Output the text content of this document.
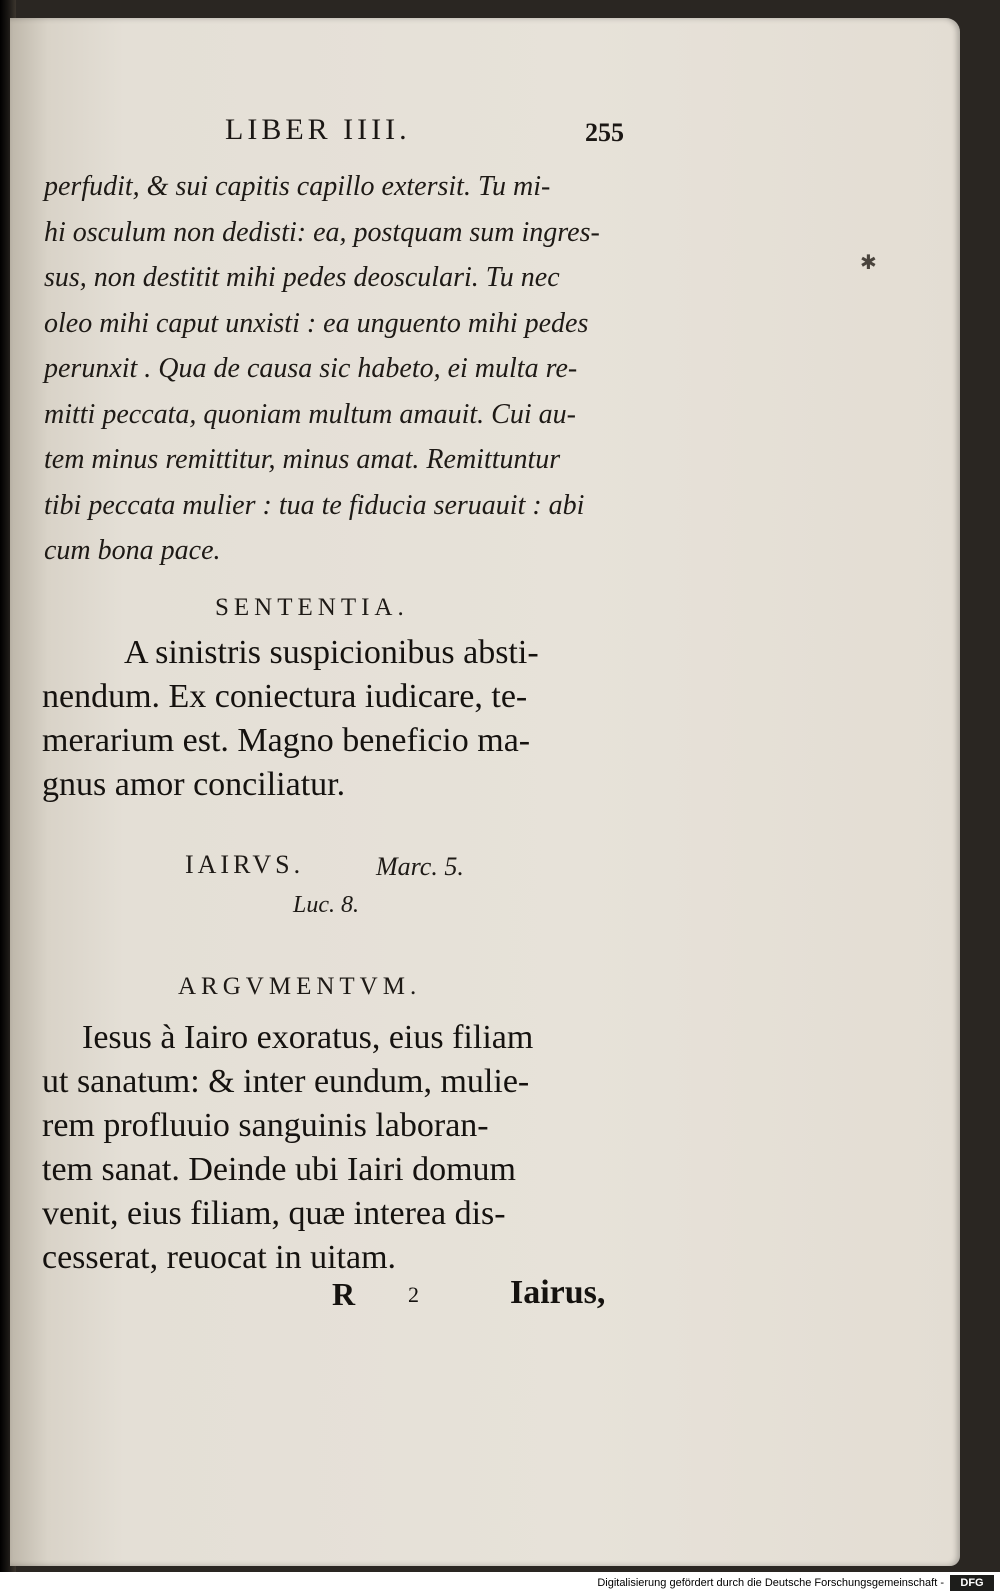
LIBER IIII.	255
perfudit, & sui capitis capillo extersit. Tu mi-
hi osculum non dedisti: ea, postquam sum ingres-
sus, non destitit mihi pedes deosculari. Tu nec
oleo mihi caput unxisti : ea unguento mihi pedes
perunxit . Qua de causa sic habeto, ei multa re-
mitti peccata, quoniam multum amauit. Cui au-
tem minus remittitur, minus amat. Remittuntur
tibi peccata mulier : tua te fiducia seruauit : abi
cum bona pace.
SENTENTIA.
A sinistris suspicionibus absti-
nendum. Ex coniectura iudicare, te-
merarium est. Magno beneficio ma-
gnus amor conciliatur.
IAIRVS.	Marc. 5.
Luc. 8.
ARGVMENTVM.
Iesus à Iairo exoratus, eius filiam
ut sanatum: & inter eundum, mulie-
rem profluuio sanguinis laboran-
tem sanat. Deinde ubi Iairi domum
venit, eius filiam, quæ interea dis-
cesserat, reuocat in uitam.
R 2	Iairus,
✱
Digitalisierung gefördert durch die Deutsche Forschungsgemeinschaft -	DFG
